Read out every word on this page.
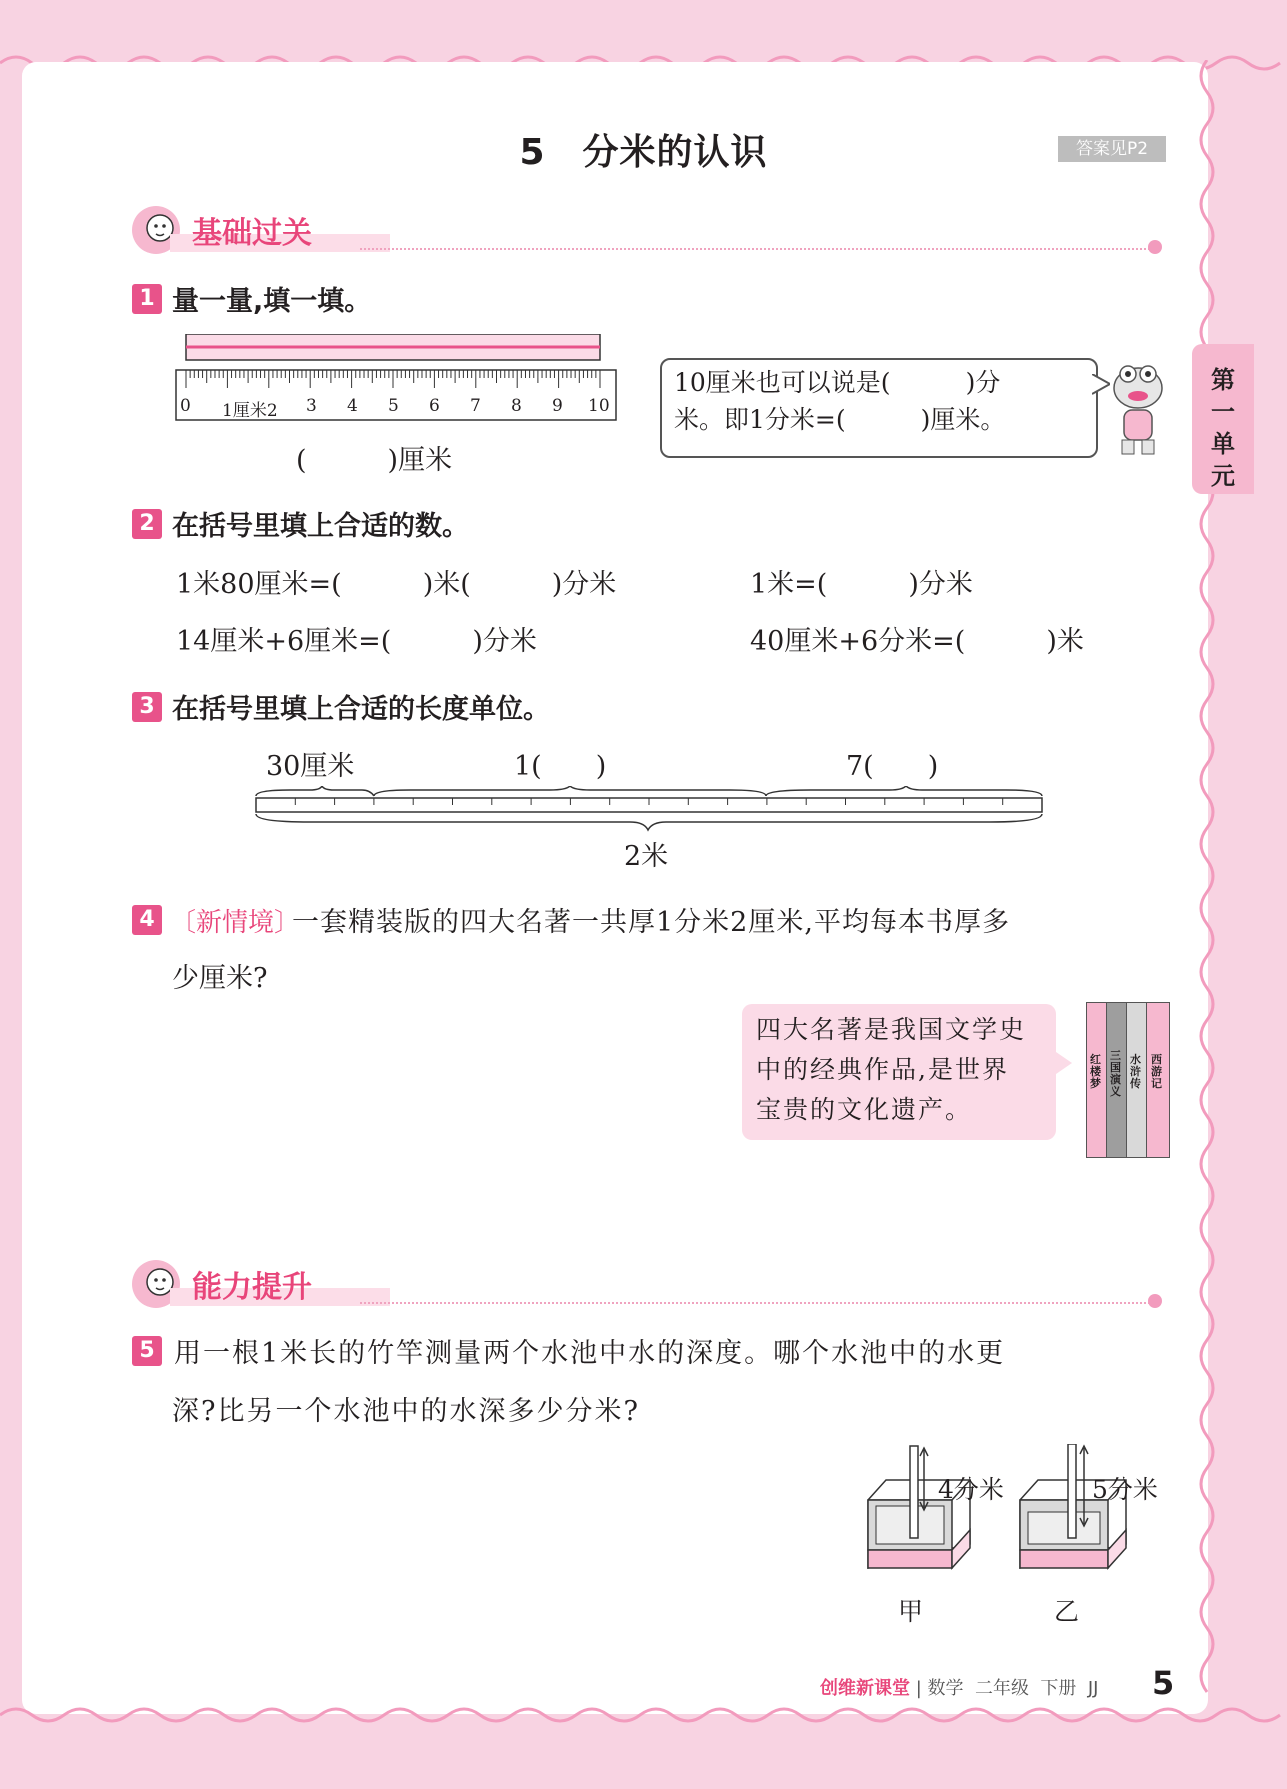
5　分米的认识	答案见P2
第一单元
基础过关
1 量一量,填一填。
0 1厘米2 3 4 5 6 7 8 9 10
(　　　)厘米
10厘米也可以说是(　　　)分
米。即1分米=(　　　)厘米。
2 在括号里填上合适的数。
1米80厘米=(　　　)米(　　　)分米	1米=(　　　)分米
14厘米+6厘米=(　　　)分米	40厘米+6分米=(　　　)米
3 在括号里填上合适的长度单位。
30厘米	1(　　)	7(　　)
2米
4 〔新情境〕
一套精装版的四大名著一共厚1分米2厘米,平均每本书厚多
少厘米?
四大名著是我国文学史
中的经典作品,是世界
宝贵的文化遗产。
红楼梦
三国演义
水浒传
西游记
能力提升
5 用一根1米长的竹竿测量两个水池中水的深度。哪个水池中的水更
深?比另一个水池中的水深多少分米?
4分米	5分米
甲	乙
创维新课堂 | 数学  二年级  下册  JJ 5
